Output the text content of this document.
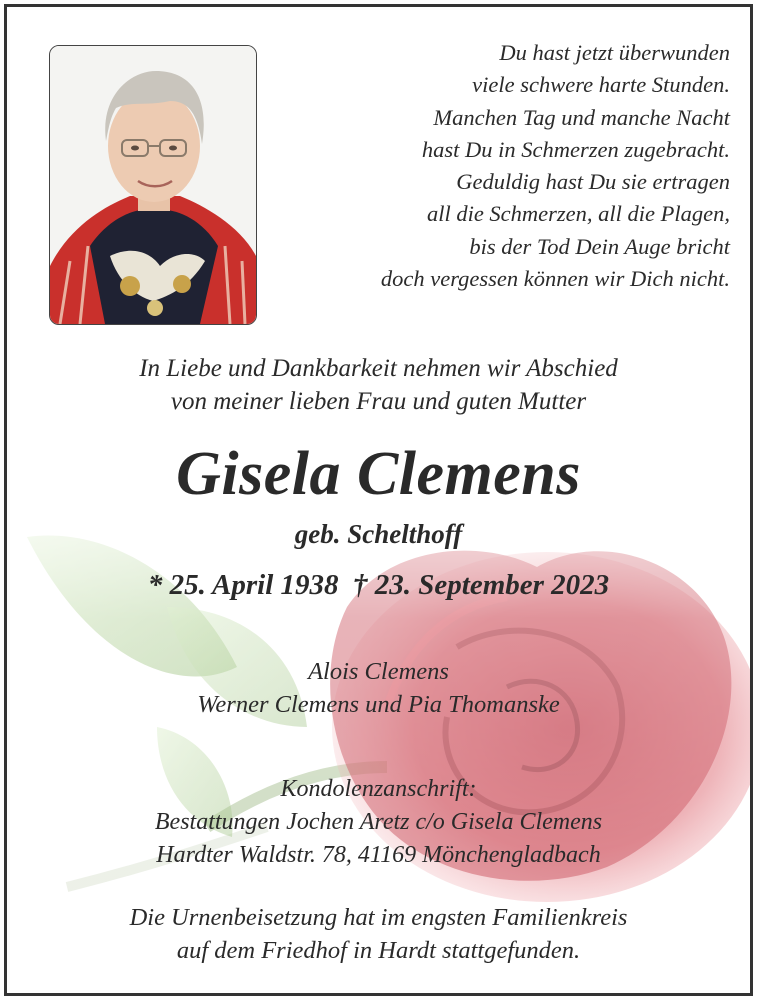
Du hast jetzt überwunden
viele schwere harte Stunden.
Manchen Tag und manche Nacht
hast Du in Schmerzen zugebracht.
Geduldig hast Du sie ertragen
all die Schmerzen, all die Plagen,
bis der Tod Dein Auge bricht
doch vergessen können wir Dich nicht.
In Liebe und Dankbarkeit nehmen wir Abschied
von meiner lieben Frau und guten Mutter
Gisela Clemens
geb. Schelthoff
* 25. April 1938  † 23. September 2023
Alois Clemens
Werner Clemens und Pia Thomanske
Kondolenzanschrift:
Bestattungen Jochen Aretz c/o Gisela Clemens
Hardter Waldstr. 78, 41169 Mönchengladbach
Die Urnenbeisetzung hat im engsten Familienkreis
auf dem Friedhof in Hardt stattgefunden.
